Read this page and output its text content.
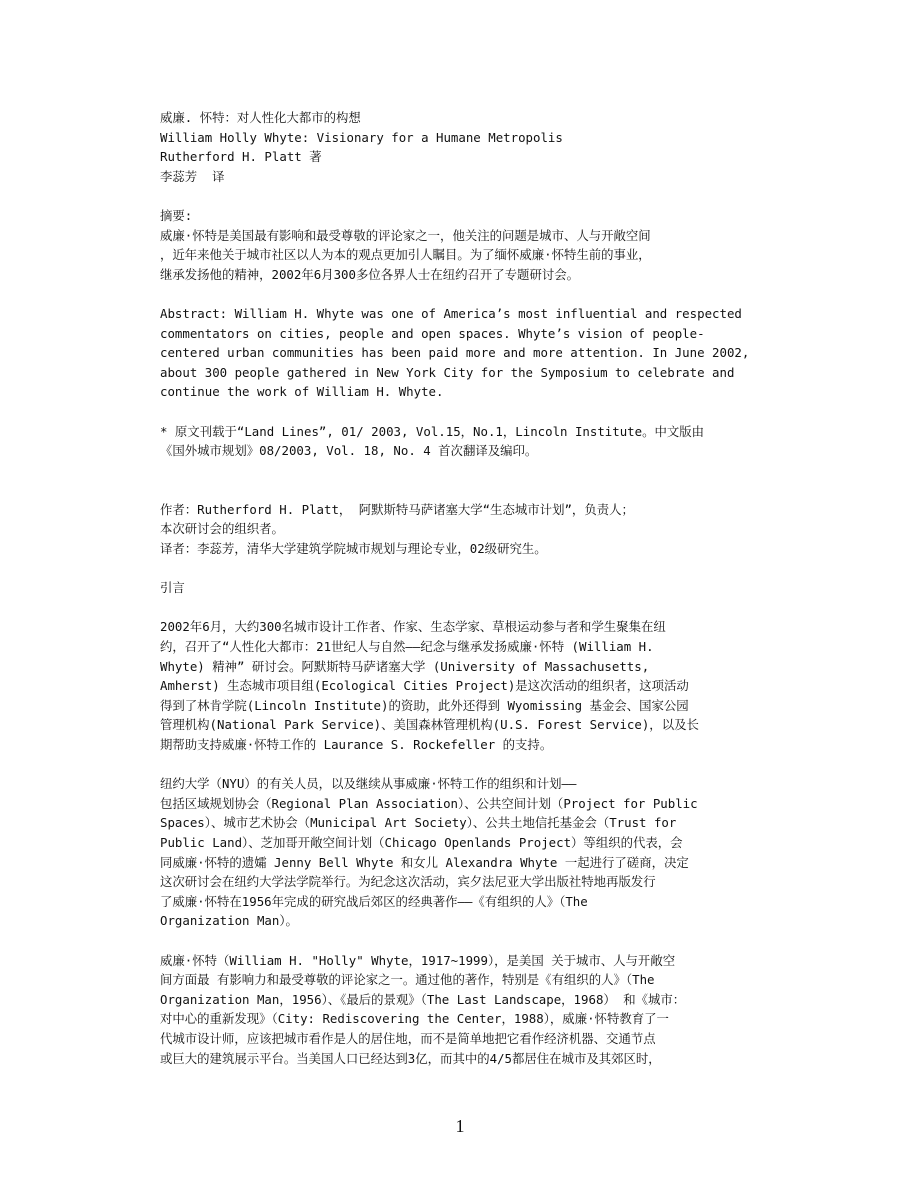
威廉. 怀特：对人性化大都市的构想
William Holly Whyte: Visionary for a Humane Metropolis
Rutherford H. Platt 著
李蕊芳  译
摘要:
威廉·怀特是美国最有影响和最受尊敬的评论家之一，他关注的问题是城市、人与开敞空间
，近年来他关于城市社区以人为本的观点更加引人瞩目。为了缅怀威廉·怀特生前的事业，
继承发扬他的精神，2002年6月300多位各界人士在纽约召开了专题研讨会。
Abstract: William H. Whyte was one of America’s most influential and respected
commentators on cities, people and open spaces. Whyte’s vision of people-
centered urban communities has been paid more and more attention. In June 2002,
about 300 people gathered in New York City for the Symposium to celebrate and
continue the work of William H. Whyte.
* 原文刊载于“Land Lines”, 01/ 2003, Vol.15，No.1，Lincoln Institute。中文版由
《国外城市规划》08/2003, Vol. 18, No. 4 首次翻译及编印。
作者：Rutherford H. Platt， 阿默斯特马萨诸塞大学“生态城市计划”，负责人；
本次研讨会的组织者。
译者：李蕊芳，清华大学建筑学院城市规划与理论专业，02级研究生。
引言
2002年6月，大约300名城市设计工作者、作家、生态学家、草根运动参与者和学生聚集在纽
约，召开了“人性化大都市：21世纪人与自然——纪念与继承发扬威廉·怀特 (William H.
Whyte) 精神” 研讨会。阿默斯特马萨诸塞大学 (University of Massachusetts,
Amherst) 生态城市项目组(Ecological Cities Project)是这次活动的组织者，这项活动
得到了林肯学院(Lincoln Institute)的资助，此外还得到 Wyomissing 基金会、国家公园
管理机构(National Park Service)、美国森林管理机构(U.S. Forest Service)，以及长
期帮助支持威廉·怀特工作的 Laurance S. Rockefeller 的支持。
纽约大学（NYU）的有关人员，以及继续从事威廉·怀特工作的组织和计划——
包括区域规划协会（Regional Plan Association）、公共空间计划（Project for Public
Spaces）、城市艺术协会（Municipal Art Society）、公共土地信托基金会（Trust for
Public Land）、芝加哥开敞空间计划（Chicago Openlands Project）等组织的代表，会
同威廉·怀特的遗孀 Jenny Bell Whyte 和女儿 Alexandra Whyte 一起进行了磋商，决定
这次研讨会在纽约大学法学院举行。为纪念这次活动，宾夕法尼亚大学出版社特地再版发行
了威廉·怀特在1956年完成的研究战后郊区的经典著作——《有组织的人》（The
Organization Man）。
威廉·怀特（William H. "Holly" Whyte，1917~1999），是美国 关于城市、人与开敞空
间方面最 有影响力和最受尊敬的评论家之一。通过他的著作，特别是《有组织的人》（The
Organization Man，1956）、《最后的景观》（The Last Landscape，1968） 和《城市：
对中心的重新发现》（City: Rediscovering the Center，1988），威廉·怀特教育了一
代城市设计师，应该把城市看作是人的居住地，而不是简单地把它看作经济机器、交通节点
或巨大的建筑展示平台。当美国人口已经达到3亿，而其中的4/5都居住在城市及其郊区时，
1
